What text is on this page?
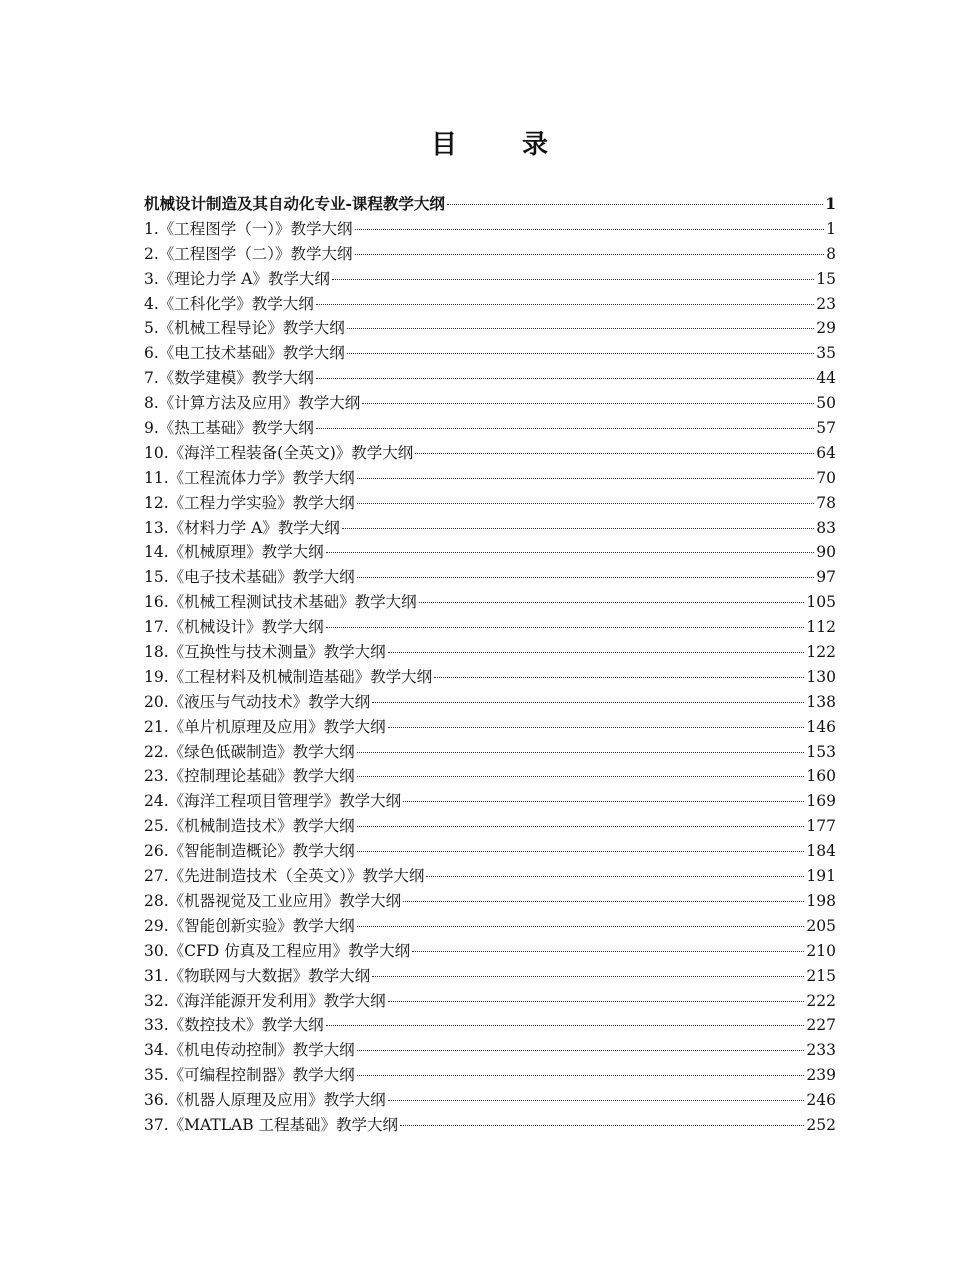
目 录
机械设计制造及其自动化专业-课程教学大纲	1
1.《工程图学（一）》教学大纲	1
2.《工程图学（二）》教学大纲	8
3.《理论力学 A》教学大纲	15
4.《工科化学》教学大纲	23
5.《机械工程导论》教学大纲	29
6.《电工技术基础》教学大纲	35
7.《数学建模》教学大纲	44
8.《计算方法及应用》教学大纲	50
9.《热工基础》教学大纲	57
10.《海洋工程装备(全英文)》教学大纲	64
11.《工程流体力学》教学大纲	70
12.《工程力学实验》教学大纲	78
13.《材料力学 A》教学大纲	83
14.《机械原理》教学大纲	90
15.《电子技术基础》教学大纲	97
16.《机械工程测试技术基础》教学大纲	105
17.《机械设计》教学大纲	112
18.《互换性与技术测量》教学大纲	122
19.《工程材料及机械制造基础》教学大纲	130
20.《液压与气动技术》教学大纲	138
21.《单片机原理及应用》教学大纲	146
22.《绿色低碳制造》教学大纲	153
23.《控制理论基础》教学大纲	160
24.《海洋工程项目管理学》教学大纲	169
25.《机械制造技术》教学大纲	177
26.《智能制造概论》教学大纲	184
27.《先进制造技术（全英文）》教学大纲	191
28.《机器视觉及工业应用》教学大纲	198
29.《智能创新实验》教学大纲	205
30.《CFD 仿真及工程应用》教学大纲	210
31.《物联网与大数据》教学大纲	215
32.《海洋能源开发利用》教学大纲	222
33.《数控技术》教学大纲	227
34.《机电传动控制》教学大纲	233
35.《可编程控制器》教学大纲	239
36.《机器人原理及应用》教学大纲	246
37.《MATLAB 工程基础》教学大纲	252
